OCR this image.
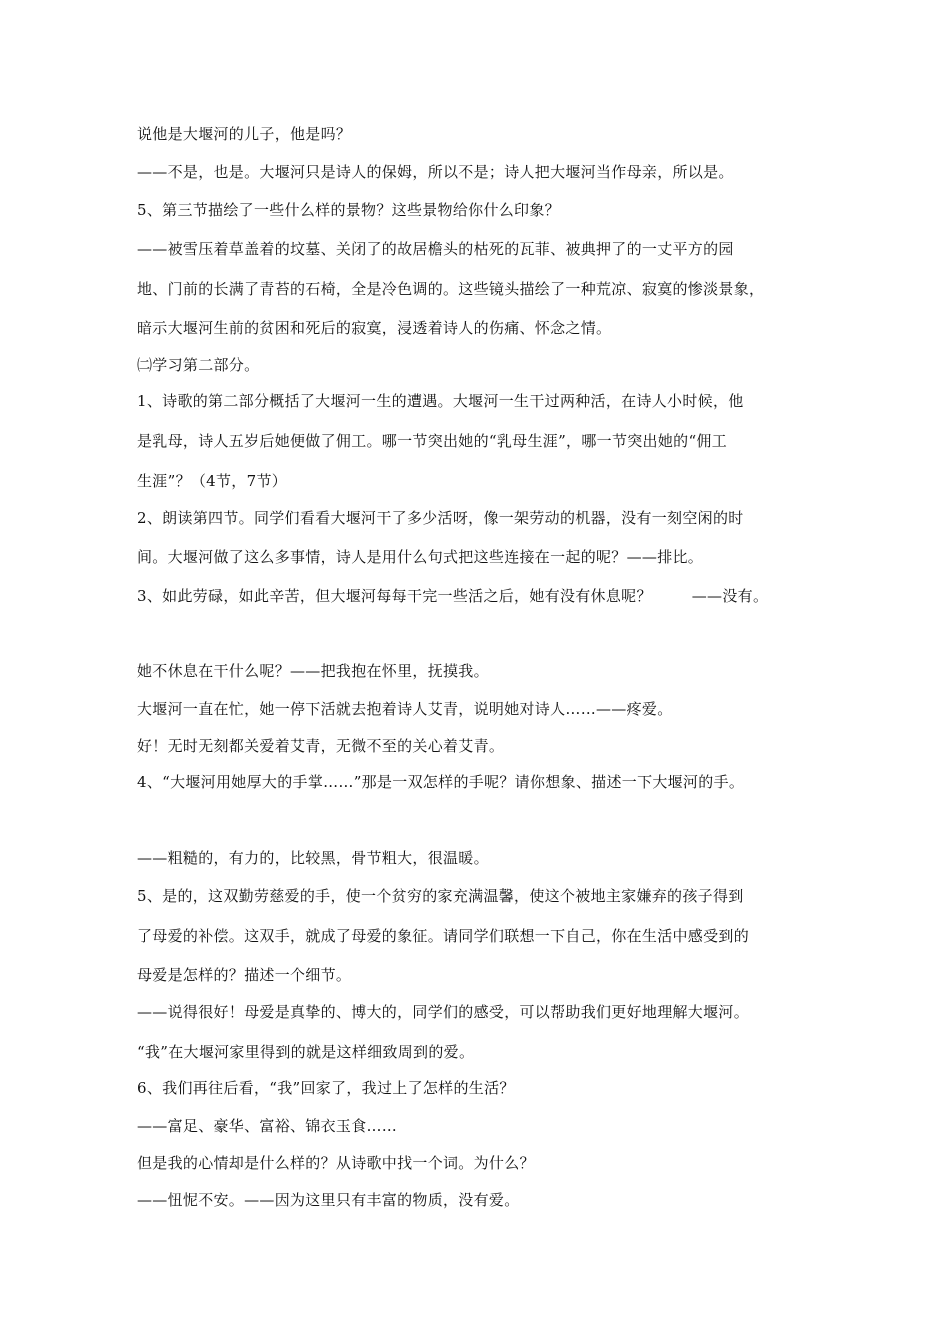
说他是大堰河的儿子，他是吗？
——不是，也是。大堰河只是诗人的保姆，所以不是；诗人把大堰河当作母亲，所以是。
5、第三节描绘了一些什么样的景物？这些景物给你什么印象？
——被雪压着草盖着的坟墓、关闭了的故居檐头的枯死的瓦菲、被典押了的一丈平方的园
地、门前的长满了青苔的石椅，全是冷色调的。这些镜头描绘了一种荒凉、寂寞的惨淡景象，
暗示大堰河生前的贫困和死后的寂寞，浸透着诗人的伤痛、怀念之情。
㈡学习第二部分。
1、诗歌的第二部分概括了大堰河一生的遭遇。大堰河一生干过两种活，在诗人小时候，他
是乳母，诗人五岁后她便做了佣工。哪一节突出她的“乳母生涯”，哪一节突出她的“佣工
生涯”？（4节，7节）
2、朗读第四节。同学们看看大堰河干了多少活呀，像一架劳动的机器，没有一刻空闲的时
间。大堰河做了这么多事情，诗人是用什么句式把这些连接在一起的呢？——排比。
3、如此劳碌，如此辛苦，但大堰河每每干完一些活之后，她有没有休息呢？	——没有。
她不休息在干什么呢？——把我抱在怀里，抚摸我。
大堰河一直在忙，她一停下活就去抱着诗人艾青，说明她对诗人……——疼爱。
好！无时无刻都关爱着艾青，无微不至的关心着艾青。
4、“大堰河用她厚大的手掌……”那是一双怎样的手呢？请你想象、描述一下大堰河的手。
——粗糙的，有力的，比较黑，骨节粗大，很温暖。
5、是的，这双勤劳慈爱的手，使一个贫穷的家充满温馨，使这个被地主家嫌弃的孩子得到
了母爱的补偿。这双手，就成了母爱的象征。请同学们联想一下自己，你在生活中感受到的
母爱是怎样的？描述一个细节。
——说得很好！母爱是真挚的、博大的，同学们的感受，可以帮助我们更好地理解大堰河。
“我”在大堰河家里得到的就是这样细致周到的爱。
6、我们再往后看，“我”回家了，我过上了怎样的生活？
——富足、豪华、富裕、锦衣玉食……
但是我的心情却是什么样的？从诗歌中找一个词。为什么？
——忸怩不安。——因为这里只有丰富的物质，没有爱。
